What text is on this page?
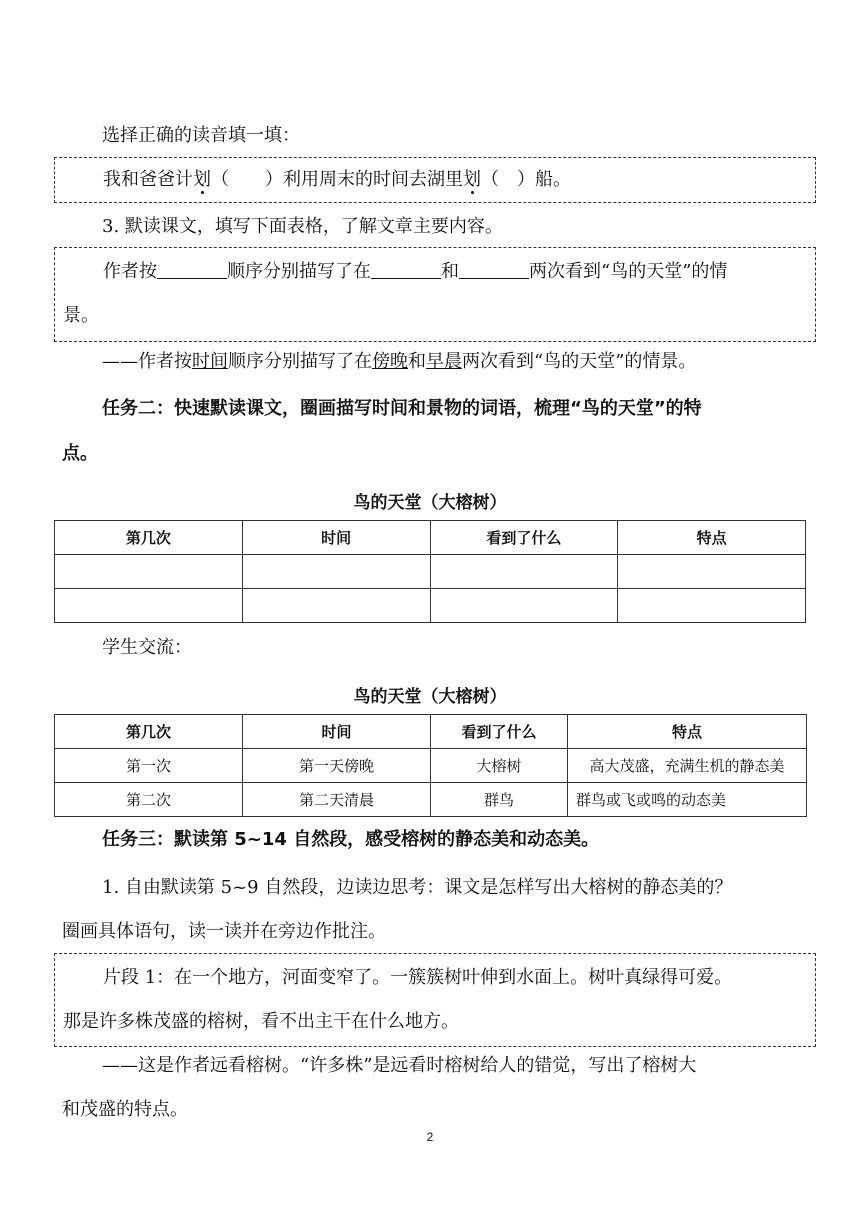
选择正确的读音填一填：
我和爸爸计划（　　）利用周末的时间去湖里划（　）船。
3. 默读课文，填写下面表格，了解文章主要内容。
作者按	顺序分别描写了在	和	两次看到“鸟的天堂”的情
景。
——作者按时间顺序分别描写了在傍晚和早晨两次看到“鸟的天堂”的情景。
任务二：快速默读课文，圈画描写时间和景物的词语，梳理“鸟的天堂”的特
点。
鸟的天堂（大榕树）
第几次	时间	看到了什么	特点

学生交流：
鸟的天堂（大榕树）
第几次	时间	看到了什么	特点
第一次	第一天傍晚	大榕树	高大茂盛，充满生机的静态美
第二次	第二天清晨	群鸟	群鸟或飞或鸣的动态美
任务三：默读第 5~14 自然段，感受榕树的静态美和动态美。
1. 自由默读第 5~9 自然段，边读边思考：课文是怎样写出大榕树的静态美的？
圈画具体语句，读一读并在旁边作批注。
片段 1：在一个地方，河面变窄了。一簇簇树叶伸到水面上。树叶真绿得可爱。
那是许多株茂盛的榕树，看不出主干在什么地方。
——这是作者远看榕树。“许多株”是远看时榕树给人的错觉，写出了榕树大
和茂盛的特点。
2
